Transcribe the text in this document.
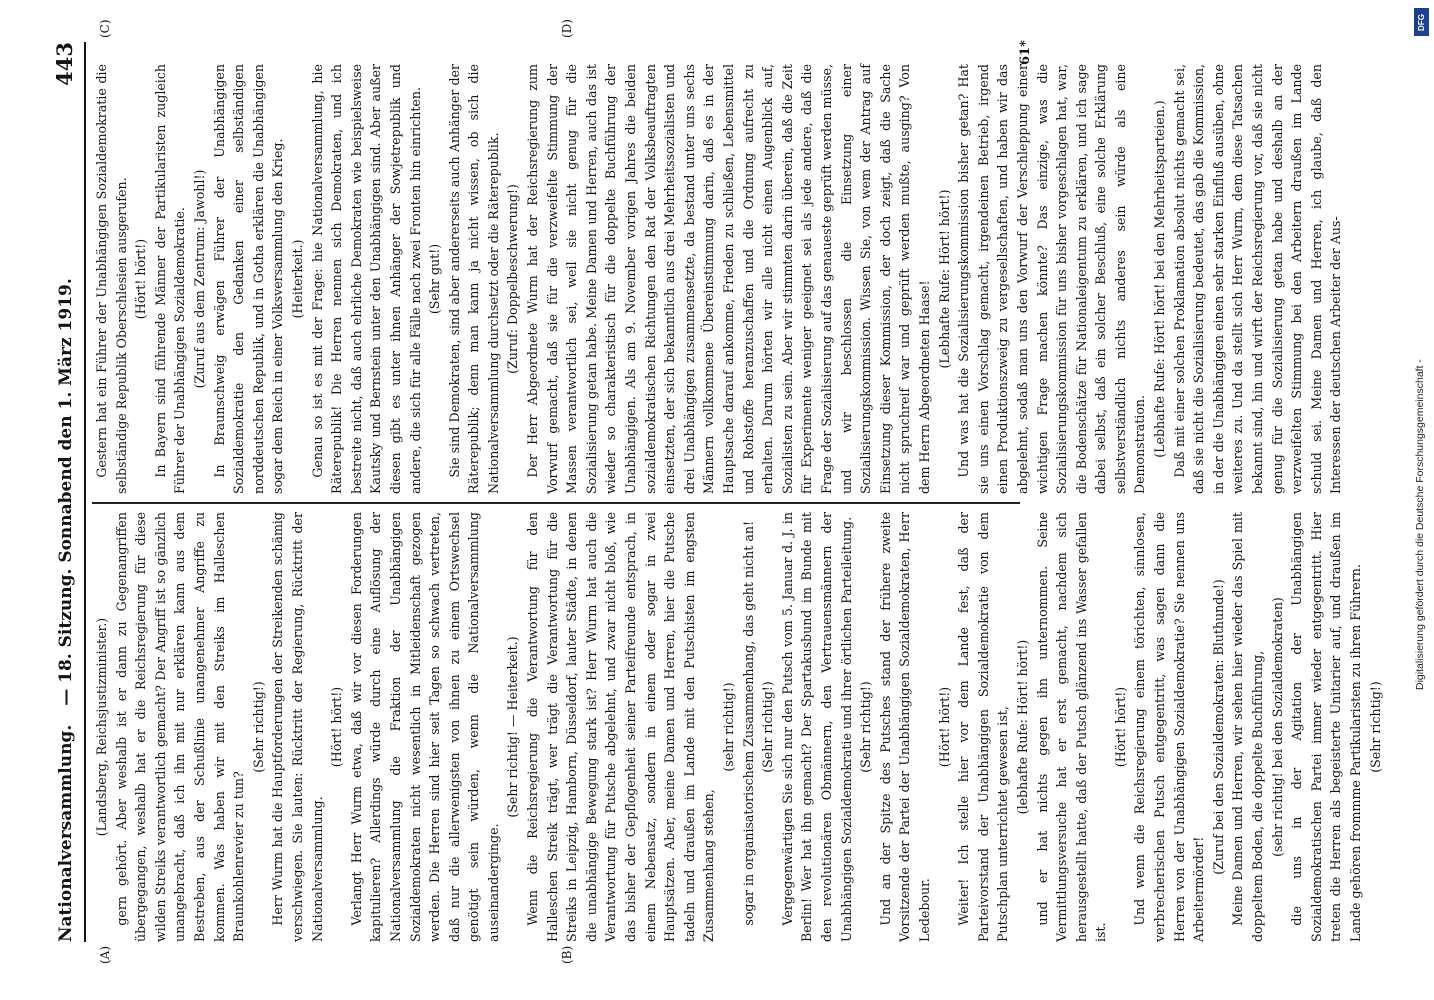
Nationalversammlung.
— 18. Sitzung. Sonnabend den 1. März 1919.
443

(Landsberg, Reichsjustizminister.) gern gehört. Aber weshalb ist er dann zu Gegenangriffen übergegangen, weshalb hat er die Reichsregierung für diese wilden Streiks verantwortlich gemacht? Der Angriff ist so gänzlich unangebracht, daß ich ihn mit nur erklären kann aus dem Bestreben, aus der Schußlinie unangenehmer Angriffe zu kommen. Was haben wir mit den Streiks im Halleschen Braunkohlenrevier zu tun?

(Sehr richtig!) Herr Wurm hat die Hauptforderungen der Streikenden schämig verschwiegen. Sie lauten: Rücktritt der Regierung, Rücktritt der Nationalversammlung.

(Hört! hört!) Verlangt Herr Wurm etwa, daß wir vor diesen Forderungen kapitulieren? Allerdings würde durch eine Auflösung der Nationalversammlung die Fraktion der Unabhängigen Sozialdemokraten nicht wesentlich in Mitleidenschaft gezogen werden. Die Herren sind hier seit Tagen so schwach vertreten, daß nur die allerwenigsten von ihnen zu einem Ortswechsel genötigt sein würden, wenn die Nationalversammlung auseinanderginge.

(Sehr richtig! — Heiterkeit.) Wenn die Reichsregierung die Verantwortung für den Halleschen Streik trägt, wer trägt die Verantwortung für die Streiks in Leipzig, Hamborn, Düsseldorf, lauter Städte, in denen die unabhängige Bewegung stark ist? Herr Wurm hat auch die Verantwortung für Putsche abgelehnt, und zwar nicht bloß, wie das bisher der Gepflogenheit seiner Parteifreunde entsprach, in einem Nebensatz, sondern in einem oder sogar in zwei Hauptsätzen. Aber, meine Damen und Herren, hier die Putsche tadeln und draußen im Lande mit den Putschisten im engsten Zusammenhang stehen,

(sehr richtig!) sogar in organisatorischem Zusammenhang, das geht nicht an! (Sehr richtig!) Vergegenwärtigen Sie sich nur den Putsch vom 5. Januar d. J. in Berlin! Wer hat ihn gemacht? Der Spartakusbund im Bunde mit den revolutionären Obmännern, den Vertrauensmännern der Unabhängigen Sozialdemokratie und ihrer örtlichen Parteileitung. (Sehr richtig!) Und an der Spitze des Putsches stand der frühere zweite Vorsitzende der Partei der Unabhängigen Sozialdemokraten, Herr Ledebour.

(Hört! hört!) Weiter! Ich stelle hier vor dem Lande fest, daß der Parteivorstand der Unabhängigen Sozialdemokratie von dem Putschplan unterrichtet gewesen ist, (lebhafte Rufe: Hört! hört!) und er hat nichts gegen ihn unternommen. Seine Vermittlungsversuche hat er erst gemacht, nachdem sich herausgestellt hatte, daß der Putsch glänzend ins Wasser gefallen ist.

(Hört! hört!) Und wenn die Reichsregierung einem törichten, sinnlosen, verbrecherischen Putsch entgegentritt, was sagen dann die Herren von der Unabhängigen Sozialdemokratie? Sie nennen uns Arbeitermörder!

(Zuruf bei den Sozialdemokraten: Bluthunde!) Meine Damen und Herren, wir sehen hier wieder das Spiel mit doppeltem Boden, die doppelte Buchführung, (sehr richtig! bei den Sozialdemokraten) die uns in der Agitation der Unabhängigen Sozialdemokratischen Partei immer wieder entgegentritt. Hier treten die Herren als begeisterte Unitarier auf, und draußen im Lande gehören frommme Partikularisten zu ihren Führern. (Sehr richtig!)

Gestern hat ein Führer der Unabhängigen Sozialdemokratie die selbständige Republik Oberschlesien ausgerufen. (Hört! hört!) In Bayern sind führende Männer der Partikularisten zugleich Führer der Unabhängigen Sozialdemokratie. (Zuruf aus dem Zentrum: Jawohl!) In Braunschweig erwägen Führer der Unabhängigen Sozialdemokratie den Gedanken einer selbständigen norddeutschen Republik, und in Gotha erklären die Unabhängigen sogar dem Reich in einer Volksversammlung den Krieg. (Heiterkeit.) Genau so ist es mit der Frage: hie Nationalversammlung, hie Räterepublik! Die Herren nennen sich Demokraten, und ich bestreite nicht, daß auch ehrliche Demokraten wie beispielsweise Kautsky und Bernstein unter den Unabhängigen sind. Aber außer diesen gibt es unter ihnen Anhänger der Sowjetrepublik und andere, die sich für alle Fälle nach zwei Fronten hin einrichten. (Sehr gut!) Sie sind Demokraten, sind aber andererseits auch Anhänger der Räterepublik; denn man kann ja nicht wissen, ob sich die Nationalversammlung durchsetzt oder die Räterepublik. (Zuruf: Doppelbeschwerung!) Der Herr Abgeordnete Wurm hat der Reichsregierung zum Vorwurf gemacht, daß sie für die verzweifelte Stimmung der Massen verantwortlich sei, weil sie nicht genug für die Sozialisierung getan habe. Meine Damen und Herren, auch das ist wieder so charakteristisch für die doppelte Buchführung der Unabhängigen. Als am 9. November vorigen Jahres die beiden sozialdemokratischen Richtungen den Rat der Volksbeauftragten einsetzten, der sich bekanntlich aus drei Mehrheitssozialisten und drei Unabhängigen zusammensetzte, da bestand unter uns sechs Männern vollkommene Übereinstimmung darin, daß es in der Hauptsache darauf ankomme, Frieden zu schließen, Lebensmittel und Rohstoffe heranzuschaffen und die Ordnung aufrecht zu erhalten. Darum hörten wir alle nicht einen Augenblick auf, Sozialisten zu sein. Aber wir stimmten darin überein, daß die Zeit für Experimente weniger geeignet sei als jede andere, daß die Frage der Sozialisierung auf das genaueste geprüft werden müsse, und wir beschlossen die Einsetzung einer Sozialisierungskommission. Wissen Sie, von wem der Antrag auf Einsetzung dieser Kommission, der doch zeigt, daß die Sache nicht spruchreif war und geprüft werden mußte, ausging? Von dem Herrn Abgeordneten Haase!

(Lebhafte Rufe: Hört! hört!) Und was hat die Sozialisierungskommission bisher getan? Hat sie uns einen Vorschlag gemacht, irgendeinen Betrieb, irgend einen Produktionszweig zu vergesellschaften, und haben wir das abgelehnt, sodaß man uns den Vorwurf der Verschleppung einer wichtigen Frage machen könnte? Das einzige, was die Sozialisierungskommission für uns bisher vorgeschlagen hat, war, die Bodenschätze für Nationaleigentum zu erklären, und ich sage dabei selbst, daß ein solcher Beschluß, eine solche Erklärung selbstverständlich nichts anderes sein würde als eine Demonstration. (Lebhafte Rufe: Hört! hört! bei den Mehrheitsparteien.) Daß mit einer solchen Proklamation absolut nichts gemacht sei, daß sie nicht die Sozialisierung bedeutet, das gab die Kommission, in der die Unabhängigen einen sehr starken Einfluß ausüben, ohne weiteres zu. Und da stellt sich Herr Wurm, dem diese Tatsachen bekannt sind, hin und wirft der Reichsregierung vor, daß sie nicht genug für die Sozialisierung getan habe und deshalb an der verzweifelten Stimmung bei den Arbeitern draußen im Lande schuld sei. Meine Damen und Herren, ich glaube, daß den Interessen der deutschen Arbeiter der Aus-

(A)	(B)
(C)	(D)
61*
DFG
Digitalisierung gefördert durch die Deutsche Forschungsgemeinschaft -
